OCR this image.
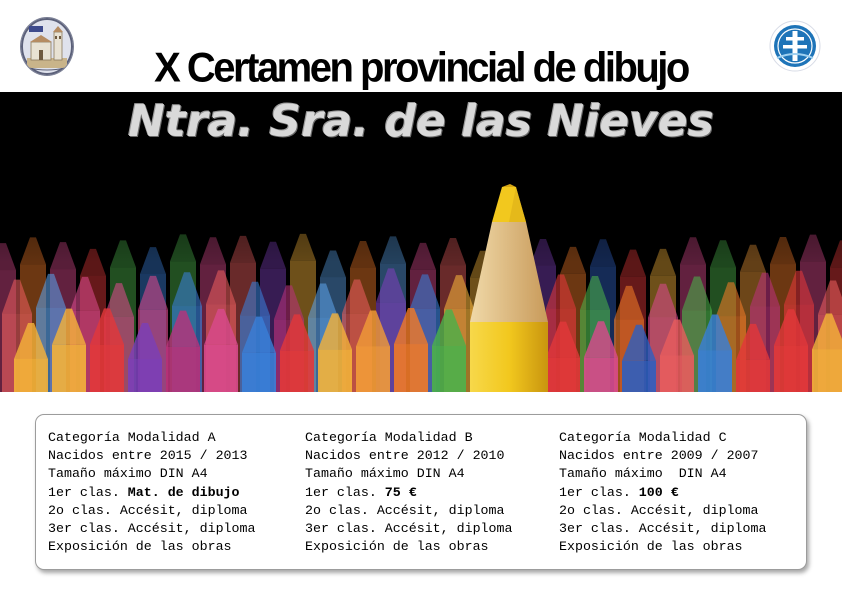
X Certamen provincial de dibujo
Ntra. Sra. de las Nieves
Categoría Modalidad A
Nacidos entre 2015 / 2013
Tamaño máximo DIN A4
1er clas. Mat. de dibujo
2o clas. Accésit, diploma
3er clas. Accésit, diploma
Exposición de las obras
Categoría Modalidad B
Nacidos entre 2012 / 2010
Tamaño máximo DIN A4
1er clas. 75 €
2o clas. Accésit, diploma
3er clas. Accésit, diploma
Exposición de las obras
Categoría Modalidad C
Nacidos entre 2009 / 2007
Tamaño máximo  DIN A4
1er clas. 100 €
2o clas. Accésit, diploma
3er clas. Accésit, diploma
Exposición de las obras
